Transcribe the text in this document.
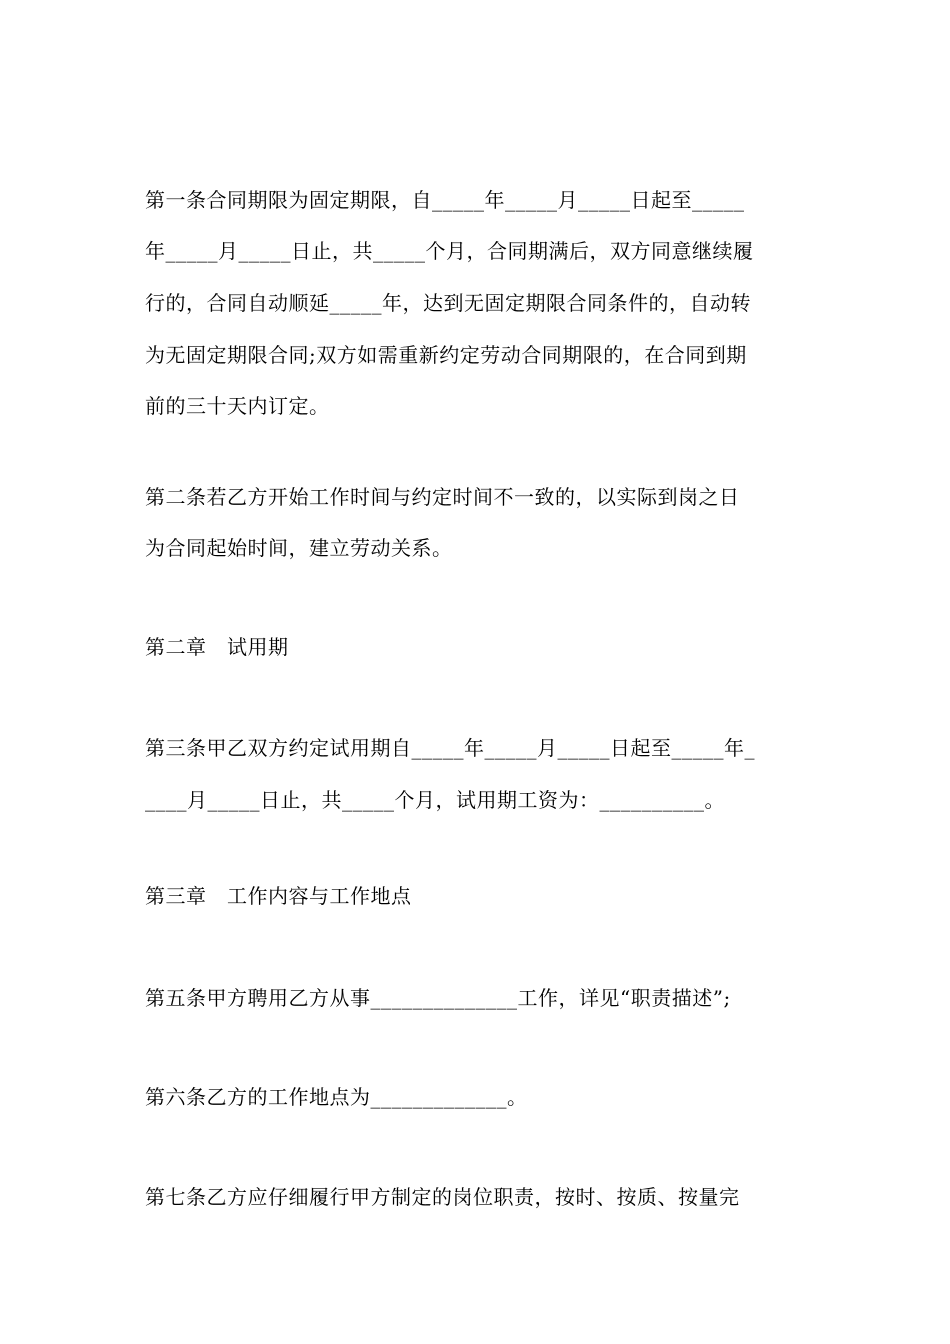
第一条合同期限为固定期限，自_____年_____月_____日起至_____
年_____月_____日止，共_____个月，合同期满后，双方同意继续履
行的，合同自动顺延_____年，达到无固定期限合同条件的，自动转
为无固定期限合同;双方如需重新约定劳动合同期限的，在合同到期
前的三十天内订定。
第二条若乙方开始工作时间与约定时间不一致的，以实际到岗之日
为合同起始时间，建立劳动关系。
第二章　试用期
第三条甲乙双方约定试用期自_____年_____月_____日起至_____年_
____月_____日止，共_____个月，试用期工资为：__________。
第三章　工作内容与工作地点
第五条甲方聘用乙方从事______________工作，详见“职责描述”;
第六条乙方的工作地点为_____________。
第七条乙方应仔细履行甲方制定的岗位职责，按时、按质、按量完
